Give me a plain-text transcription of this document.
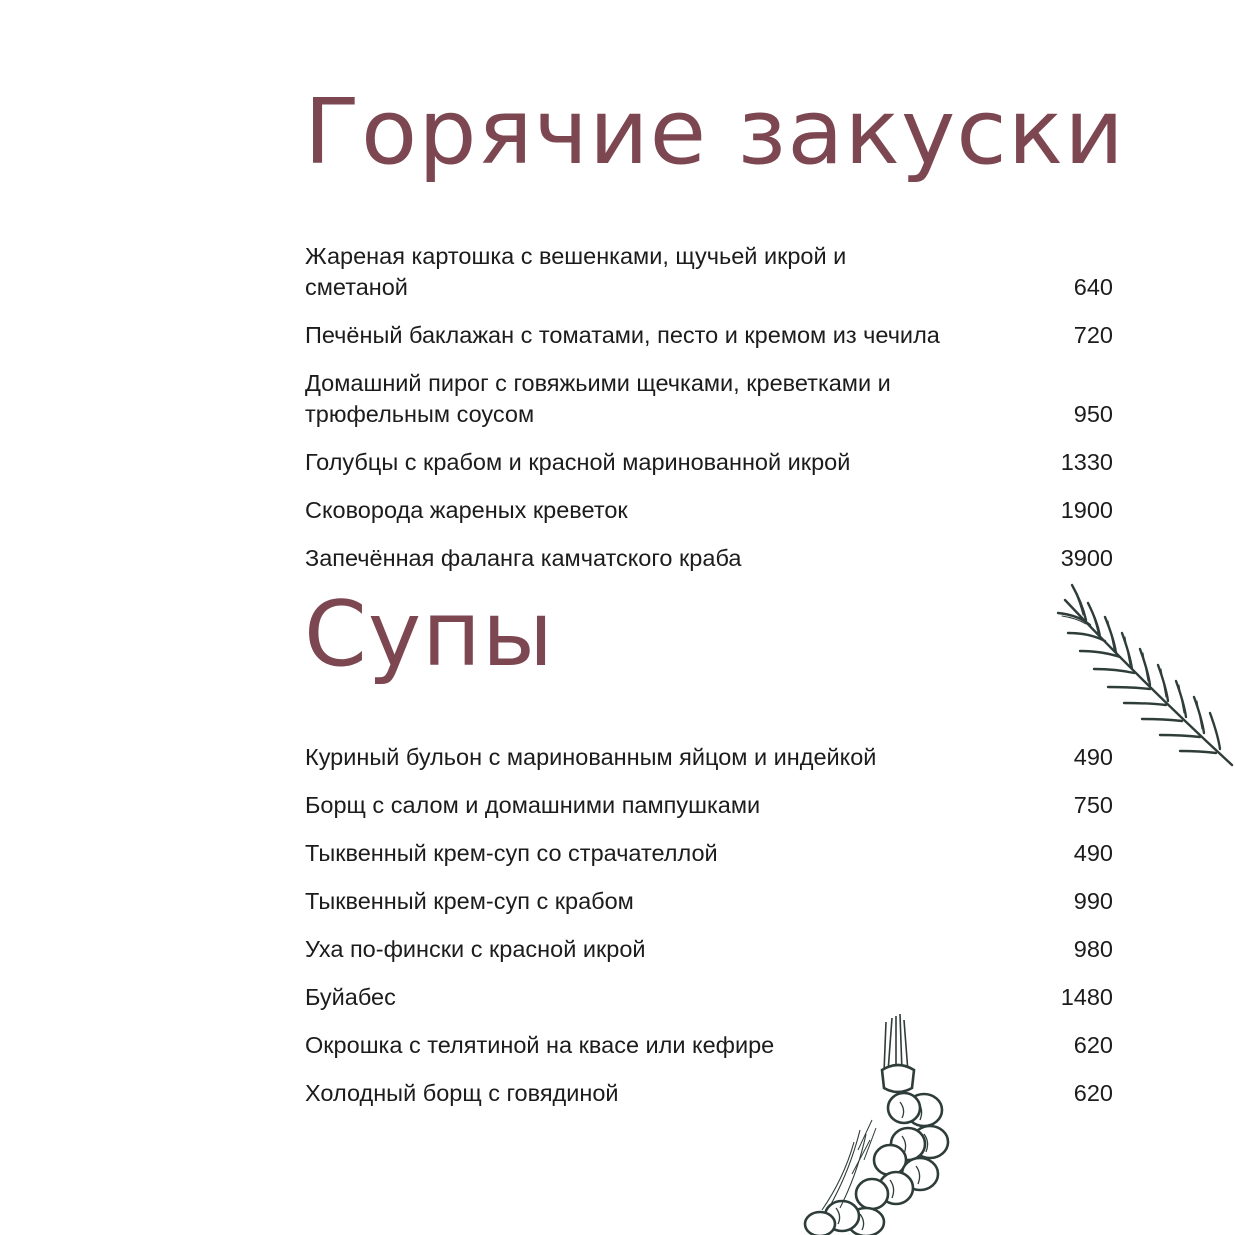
Горячие закуски
Жареная картошка с вешенками, щучьей икрой и сметаной	640
Печёный баклажан с томатами, песто и кремом из чечила	720
Домашний пирог с говяжьими щечками, креветками и трюфельным соусом	950
Голубцы с крабом и красной маринованной икрой	1330
Сковорода жареных креветок	1900
Запечённая фаланга камчатского краба	3900
Супы
Куриный бульон с маринованным яйцом и индейкой	490
Борщ с салом и домашними пампушками	750
Тыквенный крем-суп со страчателлой	490
Тыквенный крем-суп с крабом	990
Уха по-фински с красной икрой	980
Буйабес	1480
Окрошка с телятиной на квасе или кефире	620
Холодный борщ с говядиной	620
